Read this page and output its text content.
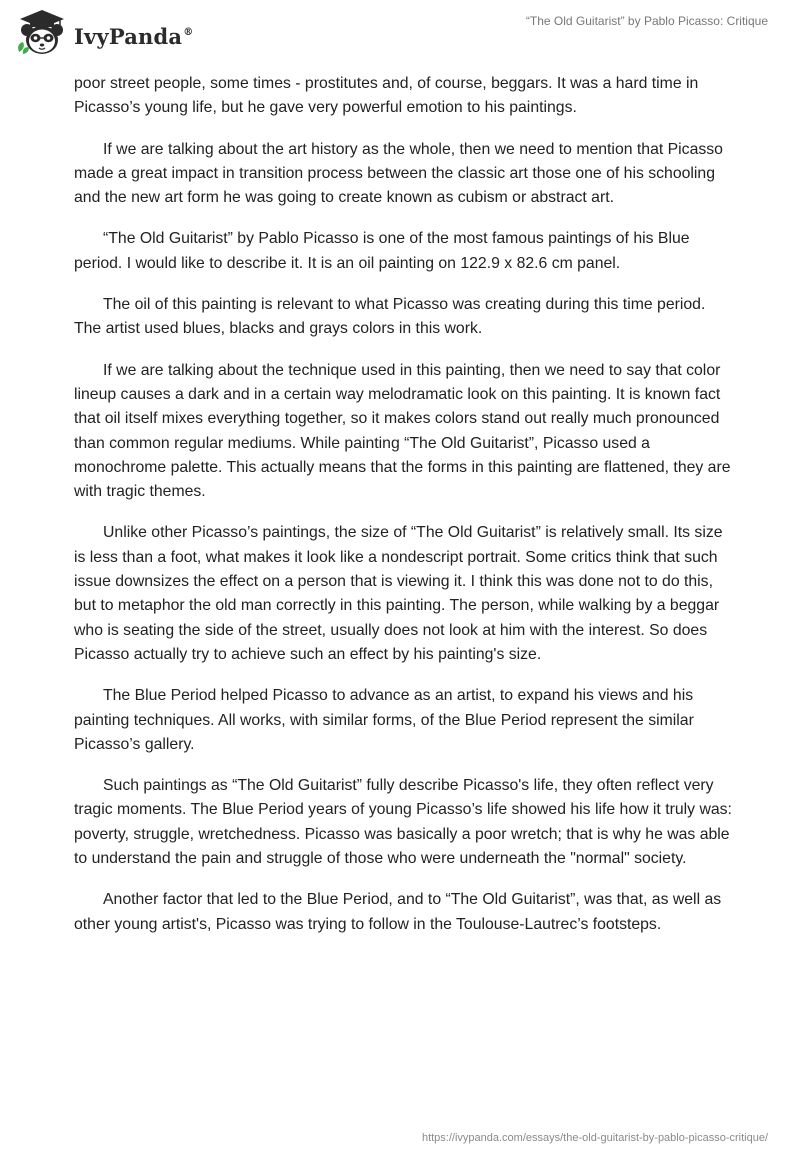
IvyPanda®
“The Old Guitarist” by Pablo Picasso: Critique

poor street people, some times - prostitutes and, of course, beggars. It was a hard time in Picasso’s young life, but he gave very powerful emotion to his paintings.

If we are talking about the art history as the whole, then we need to mention that Picasso made a great impact in transition process between the classic art those one of his schooling and the new art form he was going to create known as cubism or abstract art.

“The Old Guitarist” by Pablo Picasso is one of the most famous paintings of his Blue period. I would like to describe it. It is an oil painting on 122.9 x 82.6 cm panel.

The oil of this painting is relevant to what Picasso was creating during this time period. The artist used blues, blacks and grays colors in this work.

If we are talking about the technique used in this painting, then we need to say that color lineup causes a dark and in a certain way melodramatic look on this painting. It is known fact that oil itself mixes everything together, so it makes colors stand out really much pronounced than common regular mediums. While painting “The Old Guitarist”, Picasso used a monochrome palette. This actually means that the forms in this painting are flattened, they are with tragic themes.

Unlike other Picasso’s paintings, the size of “The Old Guitarist” is relatively small. Its size is less than a foot, what makes it look like a nondescript portrait. Some critics think that such issue downsizes the effect on a person that is viewing it. I think this was done not to do this, but to metaphor the old man correctly in this painting. The person, while walking by a beggar who is seating the side of the street, usually does not look at him with the interest. So does Picasso actually try to achieve such an effect by his painting's size.

The Blue Period helped Picasso to advance as an artist, to expand his views and his painting techniques. All works, with similar forms, of the Blue Period represent the similar Picasso’s gallery.

Such paintings as “The Old Guitarist” fully describe Picasso's life, they often reflect very tragic moments. The Blue Period years of young Picasso’s life showed his life how it truly was: poverty, struggle, wretchedness. Picasso was basically a poor wretch; that is why he was able to understand the pain and struggle of those who were underneath the "normal" society.

Another factor that led to the Blue Period, and to “The Old Guitarist”, was that, as well as other young artist's, Picasso was trying to follow in the Toulouse-Lautrec’s footsteps.

https://ivypanda.com/essays/the-old-guitarist-by-pablo-picasso-critique/
